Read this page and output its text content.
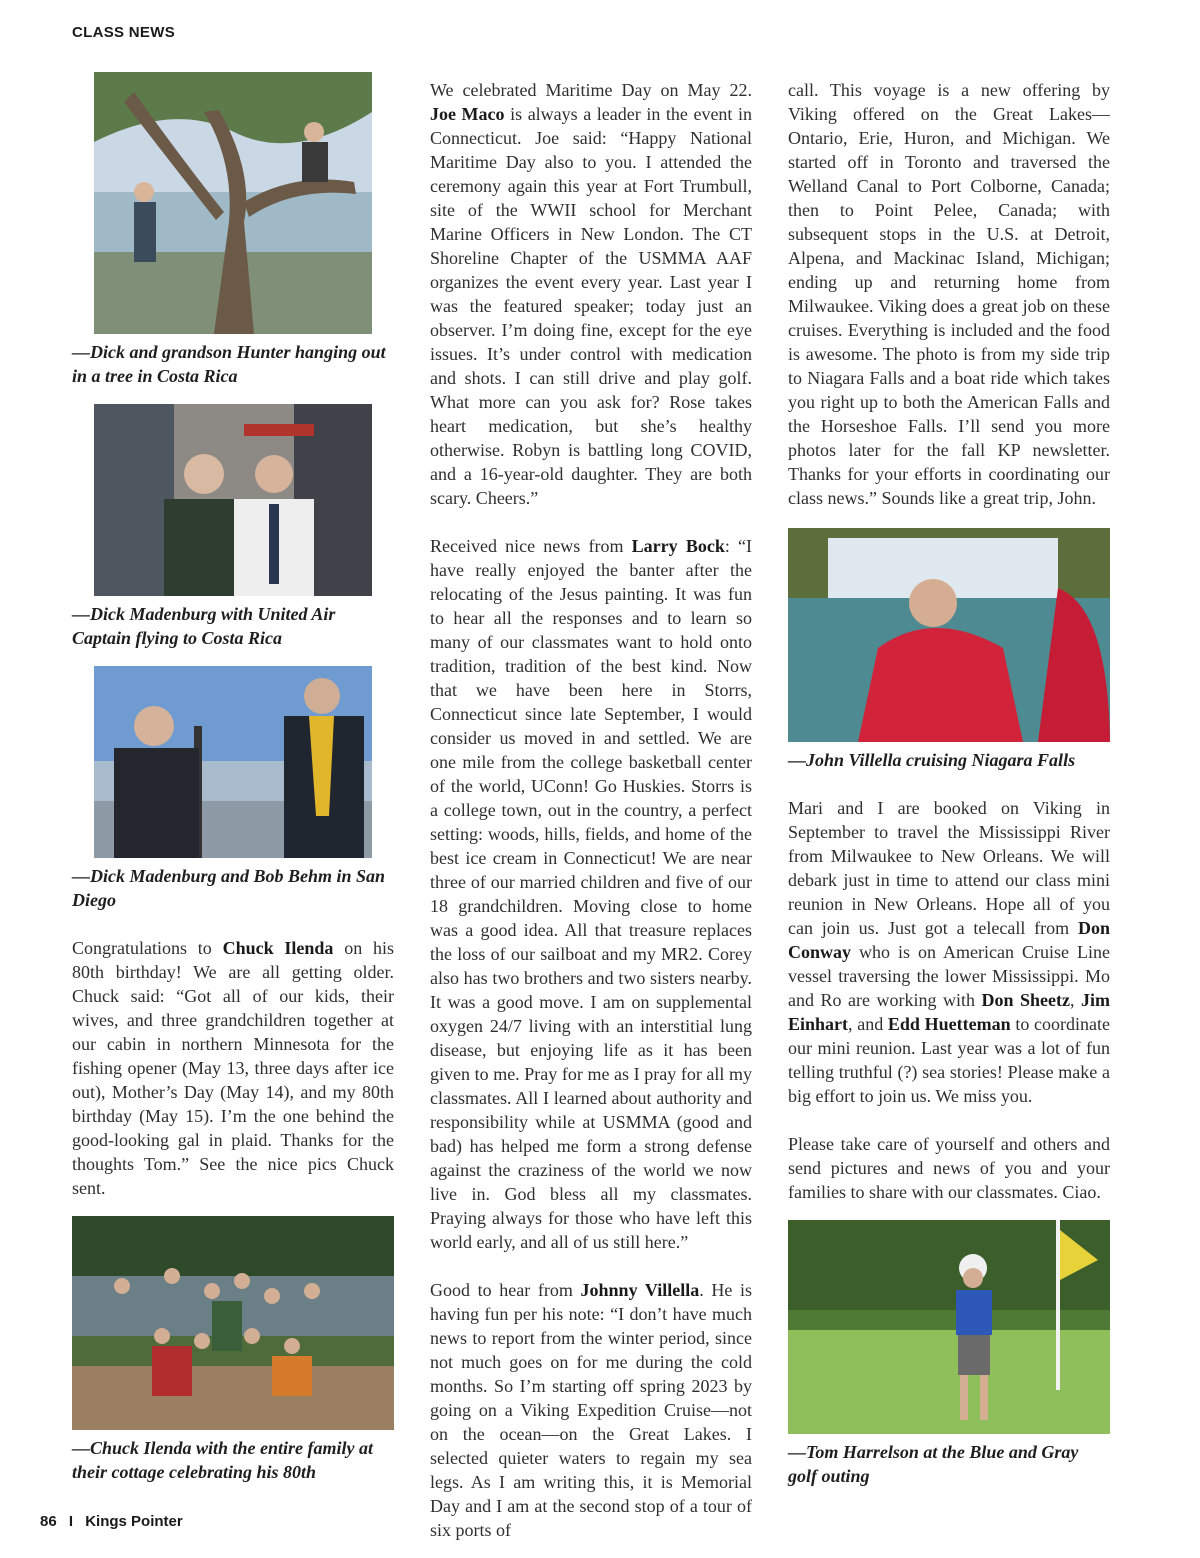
CLASS NEWS
—Dick and grandson Hunter hanging out in a tree in Costa Rica
—Dick Madenburg with United Air Captain flying to Costa Rica
—Dick Madenburg and Bob Behm in San Diego

Congratulations to Chuck Ilenda on his 80th birthday! We are all getting older. Chuck said: “Got all of our kids, their wives, and three grandchildren together at our cabin in northern Minnesota for the fishing opener (May 13, three days after ice out), Mother’s Day (May 14), and my 80th birthday (May 15). I’m the one behind the good-looking gal in plaid. Thanks for the thoughts Tom.” See the nice pics Chuck sent.

—Chuck Ilenda with the entire family at their cottage celebrating his 80th

We celebrated Maritime Day on May 22. Joe Maco is always a leader in the event in Connecticut. Joe said: “Happy National Maritime Day also to you. I attended the ceremony again this year at Fort Trumbull, site of the WWII school for Merchant Marine Officers in New London. The CT Shoreline Chapter of the USMMA AAF organizes the event every year. Last year I was the featured speaker; today just an observer. I’m doing fine, except for the eye issues. It’s under control with medication and shots. I can still drive and play golf. What more can you ask for? Rose takes heart medication, but she’s healthy otherwise. Robyn is battling long COVID, and a 16-year-old daughter. They are both scary. Cheers.”

Received nice news from Larry Bock: “I have really enjoyed the banter after the relocating of the Jesus painting. It was fun to hear all the responses and to learn so many of our classmates want to hold onto tradition, tradition of the best kind. Now that we have been here in Storrs, Connecticut since late September, I would consider us moved in and settled. We are one mile from the college basketball center of the world, UConn! Go Huskies. Storrs is a college town, out in the country, a perfect setting: woods, hills, fields, and home of the best ice cream in Connecticut! We are near three of our married children and five of our 18 grandchildren. Moving close to home was a good idea. All that treasure replaces the loss of our sailboat and my MR2. Corey also has two brothers and two sisters nearby. It was a good move. I am on supplemental oxygen 24/7 living with an interstitial lung disease, but enjoying life as it has been given to me. Pray for me as I pray for all my classmates. All I learned about authority and responsibility while at USMMA (good and bad) has helped me form a strong defense against the craziness of the world we now live in. God bless all my classmates. Praying always for those who have left this world early, and all of us still here.”

Good to hear from Johnny Villella. He is having fun per his note: “I don’t have much news to report from the winter period, since not much goes on for me during the cold months. So I’m starting off spring 2023 by going on a Viking Expedition Cruise—not on the ocean—on the Great Lakes. I selected quieter waters to regain my sea legs. As I am writing this, it is Memorial Day and I am at the second stop of a tour of six ports of

call. This voyage is a new offering by Viking offered on the Great Lakes—Ontario, Erie, Huron, and Michigan. We started off in Toronto and traversed the Welland Canal to Port Colborne, Canada; then to Point Pelee, Canada; with subsequent stops in the U.S. at Detroit, Alpena, and Mackinac Island, Michigan; ending up and returning home from Milwaukee. Viking does a great job on these cruises. Everything is included and the food is awesome. The photo is from my side trip to Niagara Falls and a boat ride which takes you right up to both the American Falls and the Horseshoe Falls. I’ll send you more photos later for the fall KP newsletter. Thanks for your efforts in coordinating our class news.” Sounds like a great trip, John.

—John Villella cruising Niagara Falls

Mari and I are booked on Viking in September to travel the Mississippi River from Milwaukee to New Orleans. We will debark just in time to attend our class mini reunion in New Orleans. Hope all of you can join us. Just got a telecall from Don Conway who is on American Cruise Line vessel traversing the lower Mississippi. Mo and Ro are working with Don Sheetz, Jim Einhart, and Edd Huetteman to coordinate our mini reunion. Last year was a lot of fun telling truthful (?) sea stories! Please make a big effort to join us. We miss you.

Please take care of yourself and others and send pictures and news of you and your families to share with our classmates. Ciao.

—Tom Harrelson at the Blue and Gray golf outing
86 I Kings Pointer
